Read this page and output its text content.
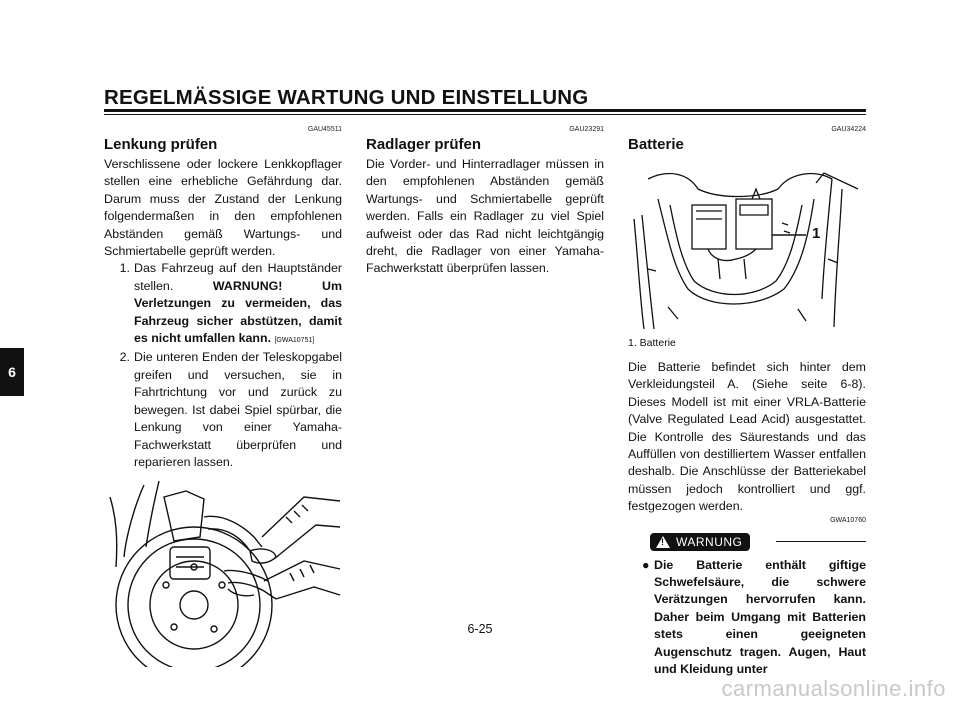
REGELMÄSSIGE WARTUNG UND EINSTELLUNG
6
GAU45511
Lenkung prüfen

Verschlissene oder lockere Lenkkopflager stellen eine erhebliche Gefährdung dar. Darum muss der Zustand der Lenkung folgendermaßen in den empfohlenen Abständen gemäß Wartungs- und Schmiertabelle geprüft werden.

1. Das Fahrzeug auf den Hauptständer stellen.	WARNUNG! Um Verletzungen zu vermeiden, das Fahrzeug sicher abstützen, damit es nicht umfallen kann. [GWA10751]
2. Die unteren Enden der Teleskopgabel greifen und versuchen, sie in Fahrtrichtung vor und zurück zu bewegen. Ist dabei Spiel spürbar, die Lenkung von einer Yamaha-Fachwerkstatt überprüfen und reparieren lassen.
GAU23291
Radlager prüfen

Die Vorder- und Hinterradlager müssen in den empfohlenen Abständen gemäß Wartungs- und Schmiertabelle geprüft werden. Falls ein Radlager zu viel Spiel aufweist oder das Rad nicht leichtgängig dreht, die Radlager von einer Yamaha-Fachwerkstatt überprüfen lassen.

GAU34224
Batterie
1
1. Batterie

Die Batterie befindet sich hinter dem Verkleidungsteil A. (Siehe seite 6-8). Dieses Modell ist mit einer VRLA-Batterie (Valve Regulated Lead Acid) ausgestattet. Die Kontrolle des Säurestands und das Auffüllen von destilliertem Wasser entfallen deshalb. Die Anschlüsse der Batteriekabel müssen jedoch kontrolliert und ggf. festgezogen werden.

GWA10760
! WARNUNG
● Die Batterie enthält giftige Schwefelsäure, die schwere Verätzungen hervorrufen kann. Daher beim Umgang mit Batterien stets einen geeigneten Augenschutz tragen. Augen, Haut und Kleidung unter
6-25
carmanualsonline.info
